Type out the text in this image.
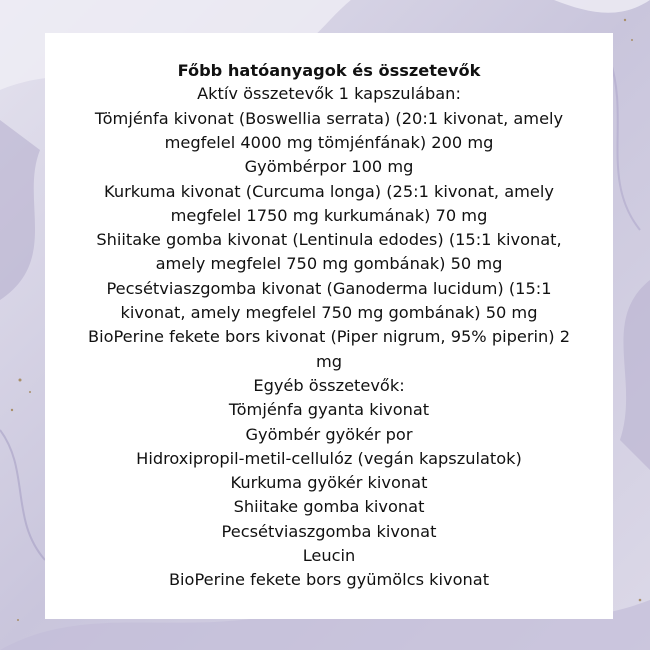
Főbb hatóanyagok és összetevők

Aktív összetevők 1 kapszulában:

Tömjénfa kivonat (Boswellia serrata) (20:1 kivonat, amely

megfelel 4000 mg tömjénfának) 200 mg

Gyömbérpor 100 mg

Kurkuma kivonat (Curcuma longa) (25:1 kivonat, amely

megfelel 1750 mg kurkumának) 70 mg

Shiitake gomba kivonat (Lentinula edodes) (15:1 kivonat,

amely megfelel 750 mg gombának) 50 mg

Pecsétviaszgomba kivonat (Ganoderma lucidum) (15:1

kivonat, amely megfelel 750 mg gombának) 50 mg

BioPerine fekete bors kivonat (Piper nigrum, 95% piperin) 2

mg

Egyéb összetevők:

Tömjénfa gyanta kivonat

Gyömbér gyökér por

Hidroxipropil-metil-cellulóz (vegán kapszulatok)

Kurkuma gyökér kivonat

Shiitake gomba kivonat

Pecsétviaszgomba kivonat

Leucin

BioPerine fekete bors gyümölcs kivonat
